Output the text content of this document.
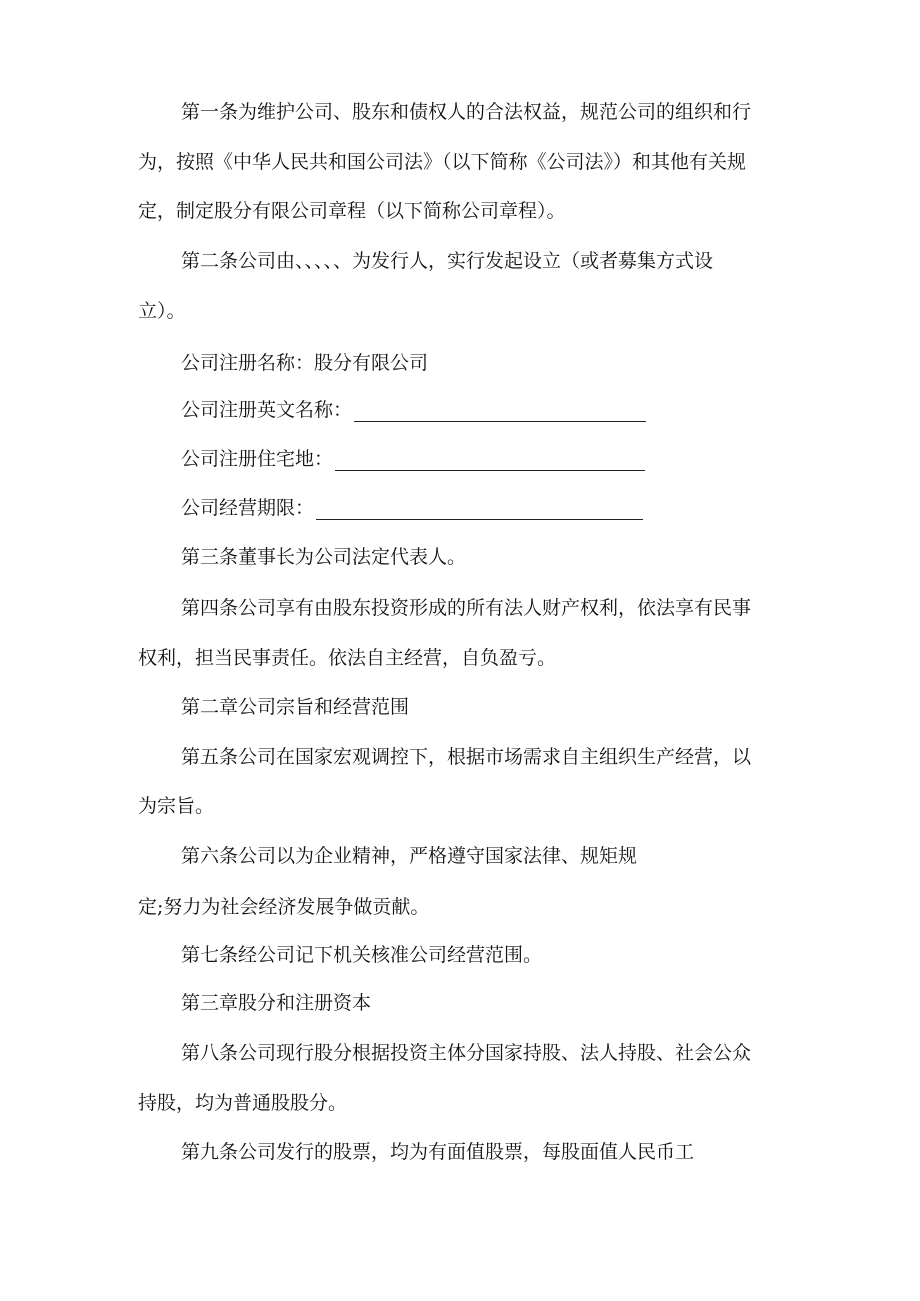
第一条为维护公司、股东和债权人的合法权益，规范公司的组织和行
为，按照《中华人民共和国公司法》（以下简称《公司法》）和其他有关规
定，制定股分有限公司章程（以下简称公司章程）。
第二条公司由、、、、、为发行人，实行发起设立（或者募集方式设
立）。
公司注册名称：股分有限公司
公司注册英文名称：
公司注册住宅地：
公司经营期限：
第三条董事长为公司法定代表人。
第四条公司享有由股东投资形成的所有法人财产权利，依法享有民事
权利，担当民事责任。依法自主经营，自负盈亏。
第二章公司宗旨和经营范围
第五条公司在国家宏观调控下，根据市场需求自主组织生产经营，以
为宗旨。
第六条公司以为企业精神，严格遵守国家法律、规矩规
定;努力为社会经济发展争做贡献。
第七条经公司记下机关核准公司经营范围。
第三章股分和注册资本
第八条公司现行股分根据投资主体分国家持股、法人持股、社会公众
持股，均为普通股股分。
第九条公司发行的股票，均为有面值股票，每股面值人民币工
